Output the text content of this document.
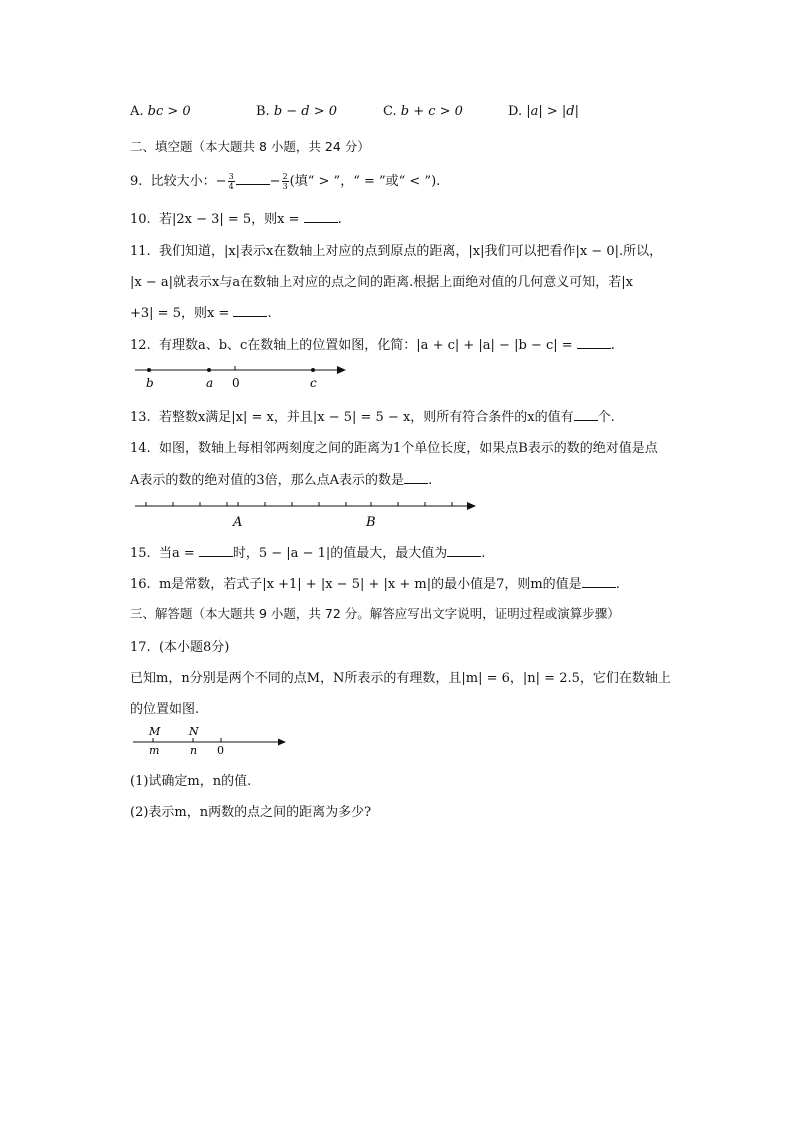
A. bc > 0	B. b − d > 0	C. b + c > 0	D. |a| > |d|
二、填空题（本大题共 8 小题，共 24 分）
9. 比较大小：− $\frac{3}{4}$	− $\frac{2}{3}$ (填“ > ”，“ = ”或“ < ”).
10. 若|2x − 3| = 5，则x =	.
11. 我们知道，|x|表示x在数轴上对应的点到原点的距离，|x|我们可以把看作|x − 0|.所以，
|x − a|就表示x与a在数轴上对应的点之间的距离.根据上面绝对值的几何意义可知，若|x
+3| = 5，则x =	.
12. 有理数a、b、c在数轴上的位置如图，化简：|a + c| + |a| − |b − c| =	.
b	a 0	c
13. 若整数x满足|x| = x，并且|x − 5| = 5 − x，则所有符合条件的x的值有 个.
14. 如图，数轴上每相邻两刻度之间的距离为1个单位长度，如果点B表示的数的绝对值是点
A表示的数的绝对值的3倍，那么点A表示的数是 .
A	B
15. 当a =	时，5 − |a − 1|的值最大，最大值为	.
16. m是常数，若式子|x +1| + |x − 5| + |x + m|的最小值是7，则m的值是	.
三、解答题（本大题共 9 小题，共 72 分。解答应写出文字说明，证明过程或演算步骤）
17. (本小题8分)
已知m，n分别是两个不同的点M，N所表示的有理数，且|m| = 6，|n| = 2.5，它们在数轴上
的位置如图.
M	N
m	n 0
(1)试确定m，n的值.
(2)表示m，n两数的点之间的距离为多少?
